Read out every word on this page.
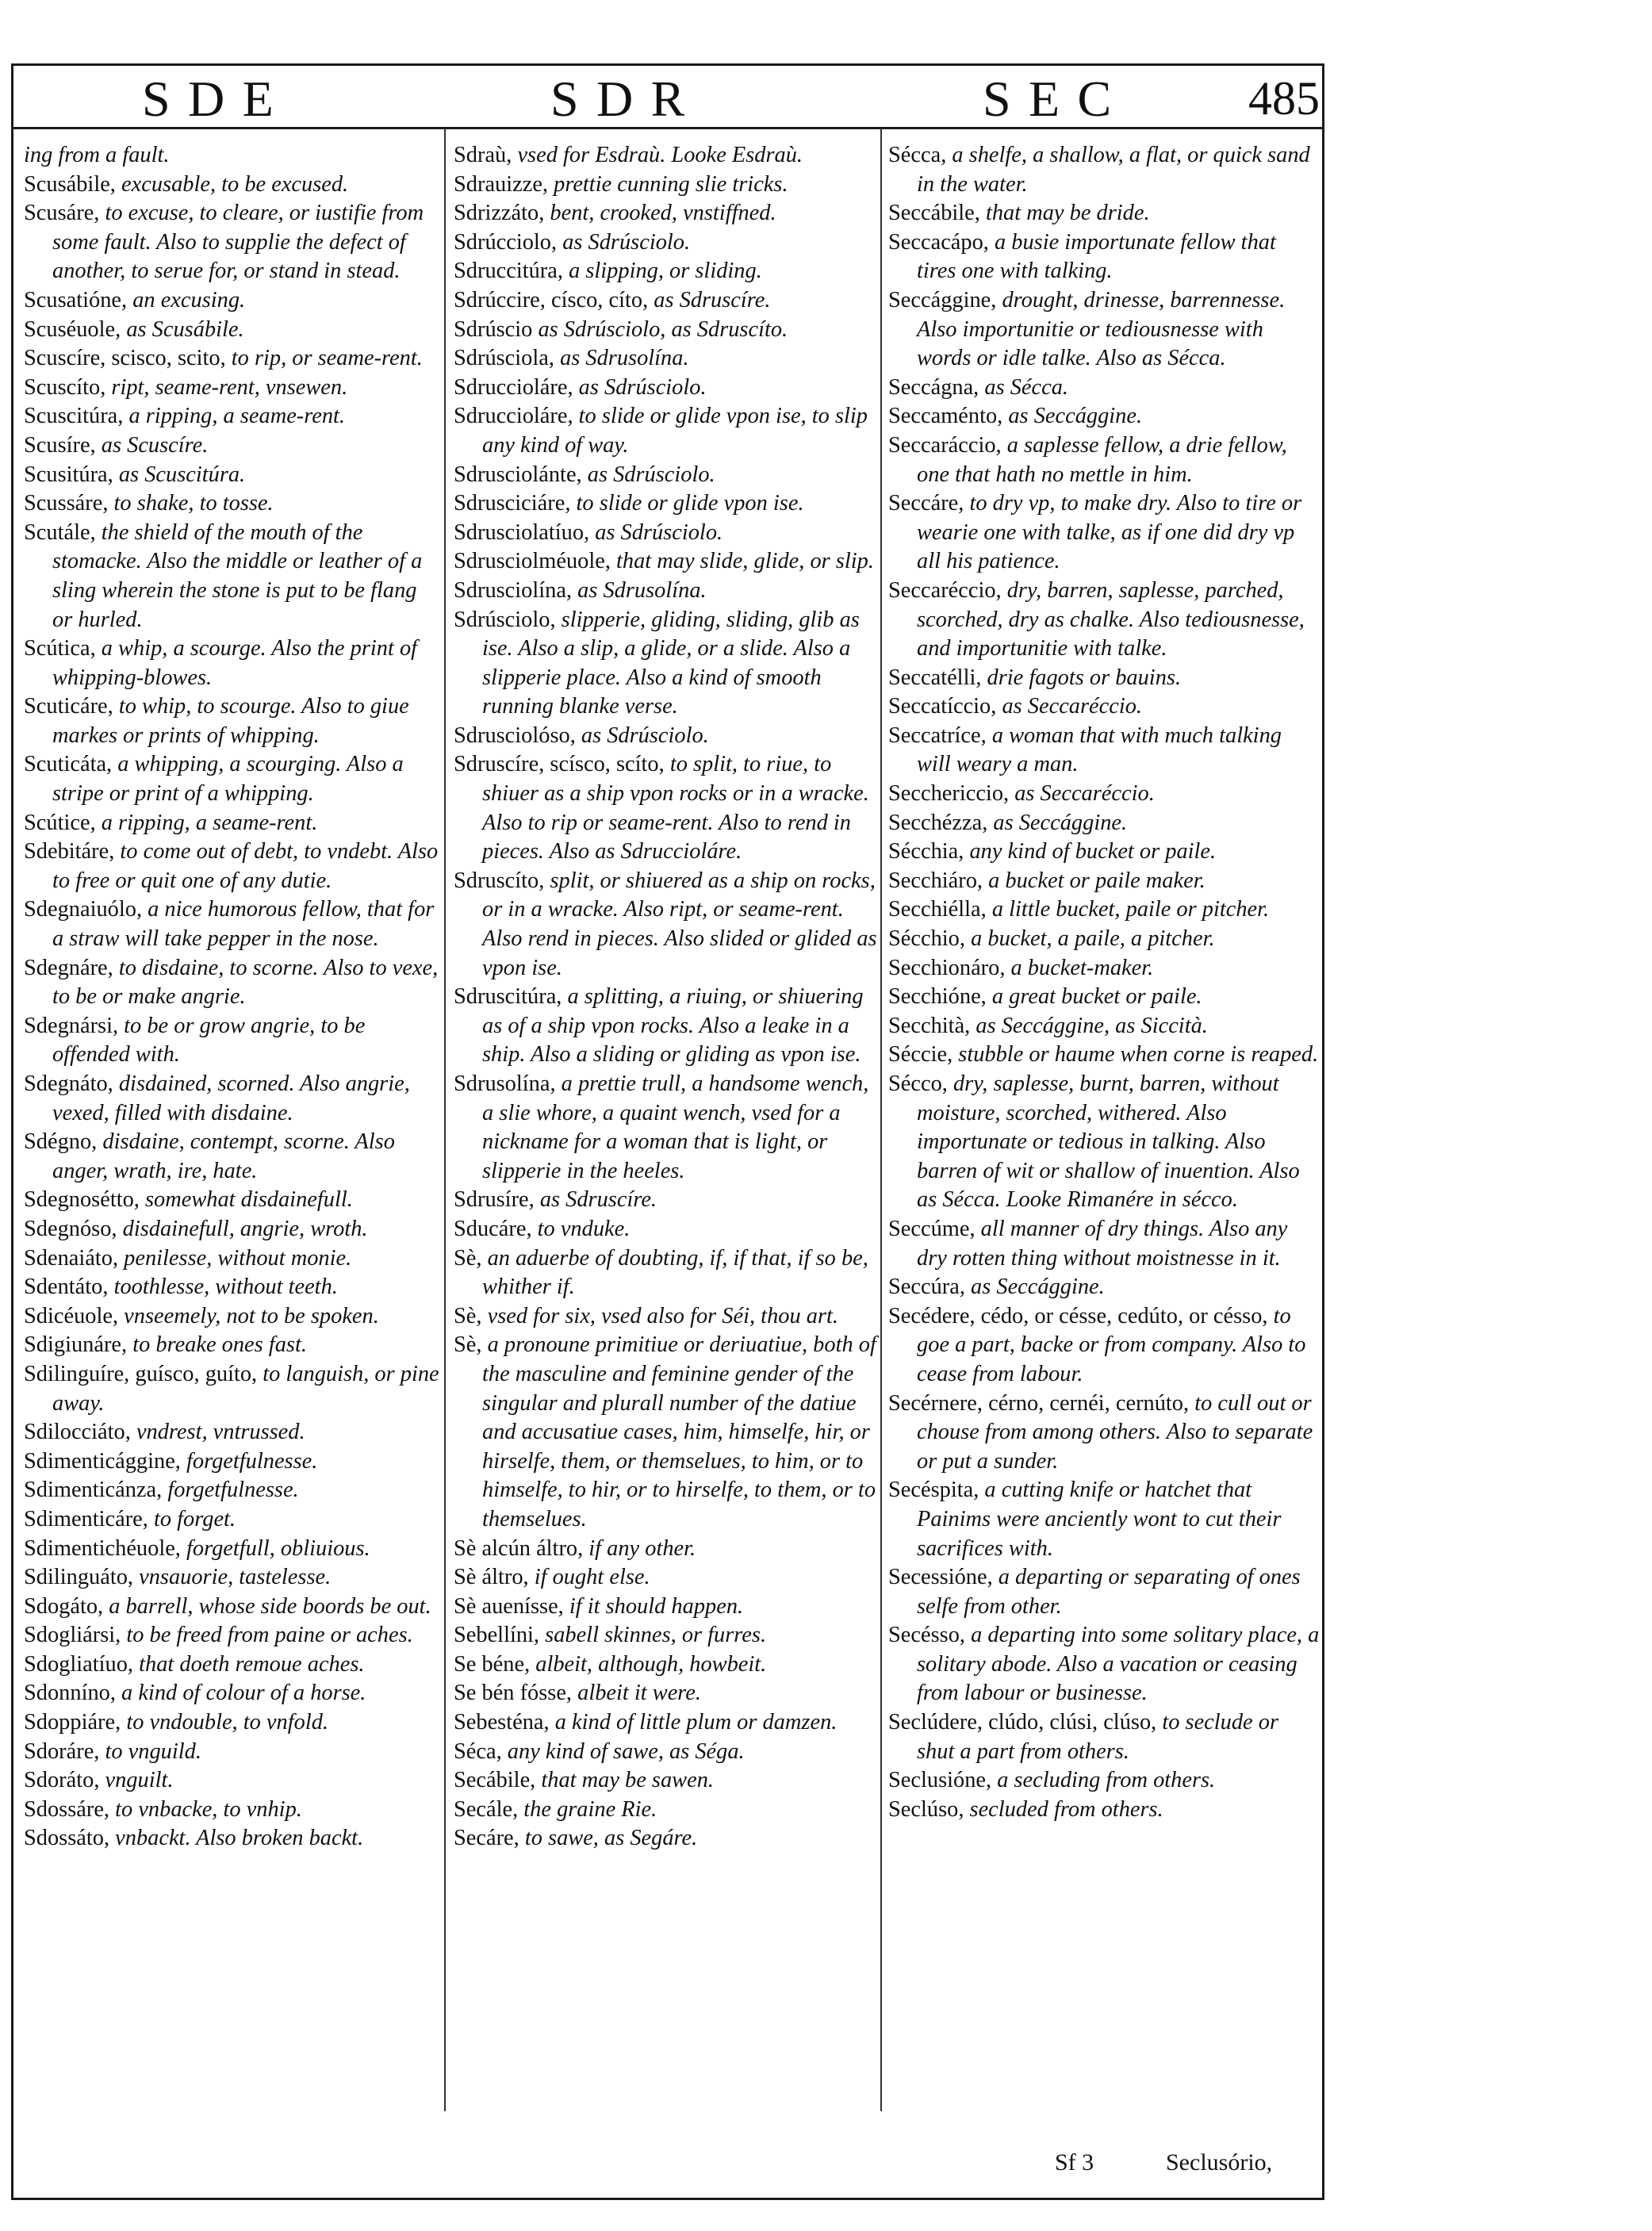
SDE	SDR	SEC	485

ing from a fault.

Scusábile, excusable, to be excused.

Scusáre, to excuse, to cleare, or iustifie from some fault. Also to supplie the defect of another, to serue for, or stand in stead.

Scusatióne, an excusing.

Scuséuole, as Scusábile.

Scuscíre, scisco, scito, to rip, or seame-rent.

Scuscíto, ript, seame-rent, vnsewen.

Scuscitúra, a ripping, a seame-rent.

Scusíre, as Scuscíre.

Scusitúra, as Scuscitúra.

Scussáre, to shake, to tosse.

Scutále, the shield of the mouth of the stomacke. Also the middle or leather of a sling wherein the stone is put to be flang or hurled.

Scútica, a whip, a scourge. Also the print of whipping-blowes.

Scuticáre, to whip, to scourge. Also to giue markes or prints of whipping.

Scuticáta, a whipping, a scourging. Also a stripe or print of a whipping.

Scútice, a ripping, a seame-rent.

Sdebitáre, to come out of debt, to vndebt. Also to free or quit one of any dutie.

Sdegnaiuólo, a nice humorous fellow, that for a straw will take pepper in the nose.

Sdegnáre, to disdaine, to scorne. Also to vexe, to be or make angrie.

Sdegnársi, to be or grow angrie, to be offended with.

Sdegnáto, disdained, scorned. Also angrie, vexed, filled with disdaine.

Sdégno, disdaine, contempt, scorne. Also anger, wrath, ire, hate.

Sdegnosétto, somewhat disdainefull.

Sdegnóso, disdainefull, angrie, wroth.

Sdenaiáto, penilesse, without monie.

Sdentáto, toothlesse, without teeth.

Sdicéuole, vnseemely, not to be spoken.

Sdigiunáre, to breake ones fast.

Sdilinguíre, guísco, guíto, to languish, or pine away.

Sdilocciáto, vndrest, vntrussed.

Sdimenticággine, forgetfulnesse.

Sdimenticánza, forgetfulnesse.

Sdimenticáre, to forget.

Sdimentichéuole, forgetfull, obliuious.

Sdilinguáto, vnsauorie, tastelesse.

Sdogáto, a barrell, whose side boords be out.

Sdogliársi, to be freed from paine or aches.

Sdogliatíuo, that doeth remoue aches.

Sdonníno, a kind of colour of a horse.

Sdoppiáre, to vndouble, to vnfold.

Sdoráre, to vnguild.

Sdoráto, vnguilt.

Sdossáre, to vnbacke, to vnhip.

Sdossáto, vnbackt. Also broken backt.

Sdraù, vsed for Esdraù. Looke Esdraù.

Sdrauizze, prettie cunning slie tricks.

Sdrizzáto, bent, crooked, vnstiffned.

Sdrúcciolo, as Sdrúsciolo.

Sdruccitúra, a slipping, or sliding.

Sdrúccire, císco, cíto, as Sdruscíre.

Sdrúscio as Sdrúsciolo, as Sdruscíto.

Sdrúsciola, as Sdrusolína.

Sdruccioláre, as Sdrúsciolo.

Sdruccioláre, to slide or glide vpon ise, to slip any kind of way.

Sdrusciolánte, as Sdrúsciolo.

Sdrusciciáre, to slide or glide vpon ise.

Sdrusciolatíuo, as Sdrúsciolo.

Sdrusciolméuole, that may slide, glide, or slip.

Sdrusciolína, as Sdrusolína.

Sdrúsciolo, slipperie, gliding, sliding, glib as ise. Also a slip, a glide, or a slide. Also a slipperie place. Also a kind of smooth running blanke verse.

Sdrusciolóso, as Sdrúsciolo.

Sdruscíre, scísco, scíto, to split, to riue, to shiuer as a ship vpon rocks or in a wracke. Also to rip or seame-rent. Also to rend in pieces. Also as Sdruccioláre.

Sdruscíto, split, or shiuered as a ship on rocks, or in a wracke. Also ript, or seame-rent. Also rend in pieces. Also slided or glided as vpon ise.

Sdruscitúra, a splitting, a riuing, or shiuering as of a ship vpon rocks. Also a leake in a ship. Also a sliding or gliding as vpon ise.

Sdrusolína, a prettie trull, a handsome wench, a slie whore, a quaint wench, vsed for a nickname for a woman that is light, or slipperie in the heeles.

Sdrusíre, as Sdruscíre.

Sducáre, to vnduke.

Sè, an aduerbe of doubting, if, if that, if so be, whither if.

Sè, vsed for six, vsed also for Séi, thou art.

Sè, a pronoune primitiue or deriuatiue, both of the masculine and feminine gender of the singular and plurall number of the datiue and accusatiue cases, him, himselfe, hir, or hirselfe, them, or themselues, to him, or to himselfe, to hir, or to hirselfe, to them, or to themselues.

Sè alcún áltro, if any other.

Sè áltro, if ought else.

Sè auenísse, if it should happen.

Sebellíni, sabell skinnes, or furres.

Se béne, albeit, although, howbeit.

Se bén fósse, albeit it were.

Sebesténa, a kind of little plum or damzen.

Séca, any kind of sawe, as Séga.

Secábile, that may be sawen.

Secále, the graine Rie.

Secáre, to sawe, as Segáre.

Sécca, a shelfe, a shallow, a flat, or quick sand in the water.

Seccábile, that may be dride.

Seccacápo, a busie importunate fellow that tires one with talking.

Seccággine, drought, drinesse, barrennesse. Also importunitie or tediousnesse with words or idle talke. Also as Sécca.

Seccágna, as Sécca.

Seccaménto, as Seccággine.

Seccaráccio, a saplesse fellow, a drie fellow, one that hath no mettle in him.

Seccáre, to dry vp, to make dry. Also to tire or wearie one with talke, as if one did dry vp all his patience.

Seccaréccio, dry, barren, saplesse, parched, scorched, dry as chalke. Also tediousnesse, and importunitie with talke.

Seccatélli, drie fagots or bauins.

Seccatíccio, as Seccaréccio.

Seccatríce, a woman that with much talking will weary a man.

Secchericcio, as Seccaréccio.

Secchézza, as Seccággine.

Sécchia, any kind of bucket or paile.

Secchiáro, a bucket or paile maker.

Secchiélla, a little bucket, paile or pitcher.

Sécchio, a bucket, a paile, a pitcher.

Secchionáro, a bucket-maker.

Secchióne, a great bucket or paile.

Secchità, as Seccággine, as Siccità.

Séccie, stubble or haume when corne is reaped.

Sécco, dry, saplesse, burnt, barren, without moisture, scorched, withered. Also importunate or tedious in talking. Also barren of wit or shallow of inuention. Also as Sécca. Looke Rimanére in sécco.

Seccúme, all manner of dry things. Also any dry rotten thing without moistnesse in it.

Seccúra, as Seccággine.

Secédere, cédo, or césse, cedúto, or césso, to goe a part, backe or from company. Also to cease from labour.

Secérnere, cérno, cernéi, cernúto, to cull out or chouse from among others. Also to separate or put a sunder.

Secéspita, a cutting knife or hatchet that Painims were anciently wont to cut their sacrifices with.

Secessióne, a departing or separating of ones selfe from other.

Secésso, a departing into some solitary place, a solitary abode. Also a vacation or ceasing from labour or businesse.

Seclúdere, clúdo, clúsi, clúso, to seclude or shut a part from others.

Seclusióne, a secluding from others.

Seclúso, secluded from others.

Sf 3	Seclusório,
